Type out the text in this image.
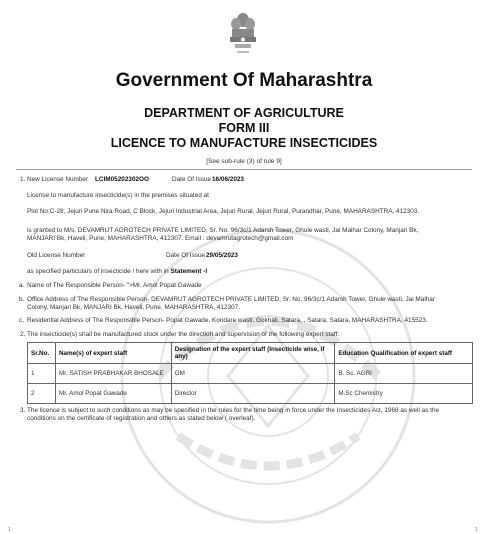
Government Of Maharashtra
DEPARTMENT OF AGRICULTURE
FORM III
LICENCE TO MANUFACTURE INSECTICIDES
[See sub-rule (3) of rule 9]
1. New License Number LCIM05202302OO	Date Of Issue 16/06/2023
License to manufacture insecticide(s) in the premises situated at
Plot No.C-28, Jejuri Pune Nira Road, C Block, Jejuri Industrial Area, Jejuri Rural, Jejuri Rural, Purandhar, Pune, MAHARASHTRA, 412303.
is granted to M/s. DEVAMRUT AGROTECH PRIVATE LIMITED, Sr. No. 96/3c/1 Adarsh Tower, Ghule wasti, Jai Malhar Colony, Manjari Bk,
MANJARI Bk, Haveli, Pune, MAHARASHTRA, 412307. Email : devamrutagrotech@gmail.com
Old License Number	Date Of Issue 29/05/2023
as specified particulars of insecticide / here with in Statement -I
a. Name of The Responsible Person- ">Mr. Amol Popat Gawade
b. Office Address of The Responsible Person- DEVAMRUT AGROTECH PRIVATE LIMITED, Sr. No. 96/3c/1 Adarsh Tower, Ghule wasti, Jai Malhar
Colony, Manjari Bk, MANJARI Bk, Haveli, Pune, MAHARASHTRA, 412307.
c. Residential Address of The Responsible Person- Popat Gawade, Kondare wasti, Gokhali, Satara, , Satara, Satara, MAHARASHTRA, 415523.
2. The insecticide(s) shall be manufactured stock under the direction and supervision of the following expert staff:
Sr.No.	Name(s) of expert staff	Designation of the expert staff (Insecticide wise, if any)	Education Qualification of expert staff
1	Mr. SATISH PRABHAKAR BHOSALE	GM	B. Sc. AGRI
2	Mr. Amol Popat Gawade	Director	M.Sc Chemistry
3. The licence is subject to such conditions as may be specified in the rules for the time being in force under the Insecticides Act, 1968 as well as the
conditions on the certificate of registration and others as stated below ( overleaf).
1	1
